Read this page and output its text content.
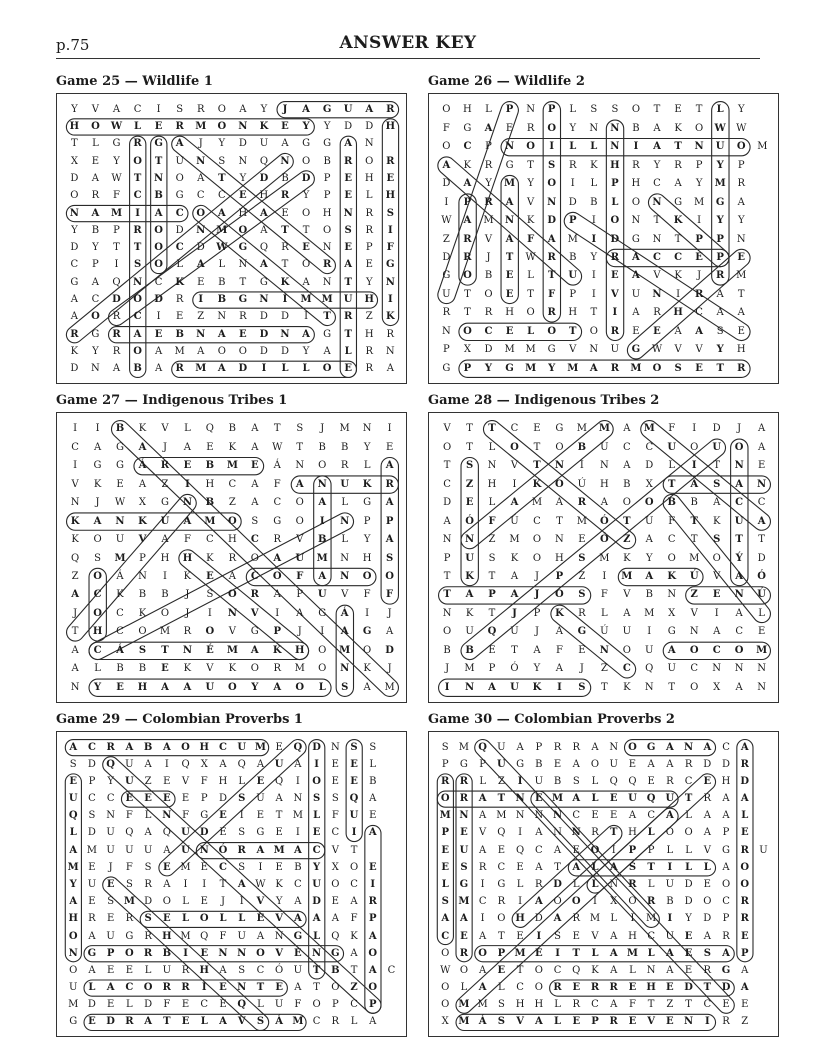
p.75	ANSWER KEY
Game 25 — Wildlife 1
Y	V	A	C	I	S	R	O	A	Y	J	A	G	U	A	R
H	O	W	L	E	R	M	O	N	K	E	Y	Y	D	D	H
T	L	G	R	G	A	J	Y	D	U	A	G	G	A	N
X	E	Y	O	T	U	N	S	N	Q	N	O	B	R	O	R
D	A	W	T	N	O	A	T	Y	D	B	D	P	E	H	E
O	R	F	C	B	G	C	C	E	H	R	Y	P	E	L	H
N	A	M	I	A	C	O	A	H	A	E	O	H	N	R	S
Y	B	P	R	O	D	N	M	O	A	T	T	O	S	R	I
D	Y	T	T	O	C	D	W	G	Q	R	E	N	E	P	F
C	P	I	S	O	L	A	L	N	A	T	O	R	A	E	G
G	A	Q	N	C	K	E	B	T	G	K	A	N	T	Y	N
A	C	D	O	D	R	I	B	G	N	I	M M	U	H	I
A	O	R	C	I	E	Z	N	R	D	D	I	T	R	Z	K
R	G	R	A	E	B	N	A	E	D	N	A	G	T	H	R
K	Y	R	O	A	M	A	O	O	D	D	Y	A	L	R	N
D	N	A	B	A	R	M	A	D	I	L	L	O	E	R	A
Game 26 — Wildlife 2
O	H	L	P	N	P	L	S	S	O	T	E	T	L	Y
F	G	A	E	R	O	Y	N	N	B	A	K	O	W	W
O	C	P	N	O	I	L	L	N	I	A	T	N	U	O	M
A	K	R	G	T	S	R	K	H	R	Y	R	P	Y	P
D	A	Y	M	Y	O	I	L	P	H	C	A	Y	M	R
I	P	R	A	V	N	D	B	L	O	N	G	M	G	A
W	A	M	N	K	D	P	I	O	N	T	K	I	Y	Y
Z	R	V	A	F	A	M	I	D	G	N	T	P	P	N
D	R	J	T	W	R	B	Y	R	A	C	C	E	P	E
G	O	B	E	L	T	U	I	E	A	V	K	J	R	M
U	T	O	E	T	F	P	I	V	U	N	I	R	A	T
R	T	R	H	O	R	H	T	I	A	R	H	C	A	A
N	O	C	E	L	O	T	O	R	E	E	A	A	S	E
P	X	D	M	M	G	V	N	U	G	W	V	V	Y	H
G	P	Y	G	M	Y	M	A	R	M	O	S	E	T	R
Game 27 — Indigenous Tribes 1
I	I	B	K	V	L	Q	B	A	T	S	J	M	N	I
C	A	G	A	J	A	E	K	A	W	T	B	B	Y	E
I	G	G	Á	R	E	B	M	E	Á	N	O	R	L	A
V	K	E	A	Z	I	H	C	A	F	A	N	U	K	R
N	J	W	X	G	N	B	Z	A	C	O	A	L	G	A
K	A	N	K	U	A	M	O	S	G	O	I	N	P	P
K	O	U	V	A	F	C	H	C	R	V	B	L	Y	A
Q	S	M	P	H	H	K	R	O	A	U	M	N	H	S
Z	O	Á	N	I	K	E	A	C	O	F	A	N	O	O
A	C	K	B	B	J	S	O	R	A	P	U	V	F	F
J	O	C	K	O	J	I	N	V	I	A	G	Á	I	J
T	H	C	O	M	R	O	V	G	P	J	I	A	G	A
A	C	Á	S	T	N	É	M	A	K	H	O	M	O	D
A	L	B	B	E	K	V	K	O	R	M	O	N	K	J
N	Y	E	H	A	A	U	O	Y	A	O	L	S	A	M
Game 28 — Indigenous Tribes 2
V	T	T	C	E	G	M	M	A	M	F	I	D	J	A
O	T	L	O	T	O	B	U	C	C	U	O	U	O	A
T	S	N	V	T	N	I	N	A	D	L	I	T	N	E
C	Z	H	I	K	O	Ú	H	B	X	T	A	S	A	N
D	E	L	A	M	A	R	A	O	O	B	B	A	C	C
A	Ó	F	Ú	C	T	M	Ó	T	U	F	T	K	U	A
N	N	Z	M	O	N	E	Ó	Z	A	C	T	S	T	T
P	U	S	K	O	H	S	M	K	Y	O	M	O	Ý	D
T	K	T	A	J	P	Z	I	M	A	K	Ú	V	A	Ó
T	A	P	A	J	Ó	S	F	V	B	N	Z	E	N	Ú
N	K	T	J	P	K	R	L	A	M	X	V	I	A	L
O	U	Q	U	J	A	G	Ú	U	I	G	N	A	C	E
B	B	E	T	A	F	E	N	O	U	A	O	C	O	M
J	M	P	Ó	Y	A	J	Z	C	Q	U	C	N	N	N
I	N	A	U	K	I	S	T	K	N	T	O	X	A	N
Game 29 — Colombian Proverbs 1
A	C	R	A	B	A	O H C	U M E	Q D N	S	S
S	D	Q U	A	I	Q	X	A	Q	A	U	A	I	E	E	L
E	P	Y	U	Z	E	V	F	H	L	E	Q	I	O	E	E	B
U	C	C	E	E	E	E	P	D	S	U	A	N	S	S	Q	A
Q	S	N	F	L	N	F	G	E	I	E	T M L	F	U	E
L	D	U	Q	A	Q U D	E	S	G	E	I	E	C	I	A
A M U U U	A	U N Ó R	A M A	C	V	T
M E	J	F	S	E M E	C	S	I	E	B	Y	X	O	E
Y	U	E	S	R	A	I	I	T	A W K	C	U O	C	I
A	E	S M D	O	L	E	J	I	V	Y	A	D	E	A	R
H R	E	R	S	E	L	O	L	L	E	V	A	A	A	F	P
O	A	U	G	R H M Q	F	U	A	N G	L	Q	K	A
N G	P	O R	B	I	E	N N O	V	E	N G	A	O
O	A	E	E	L	U	R H	A	S	C	Ó	U	T	B	T	A	C
U	L	A	C	O R	R	I	E	N	T	E	A	T	O	Z	O
M D	E	L	D	F	E	C	E	Q	L	U	F	O	P	C	P
G	E	D R	A	T	E	L	A	V	S	Á M C	R	L	A
Game 30 — Colombian Proverbs 2
S M Q U	A	P	R	R	A	N O G	A N A	C	A
P	G	P	U	G	B	E	A	O	U	E	A	A	R	D	D	R
R	R	L	Z	I	U	B	S	L	Q	Q	E	R	C	E	H D
O R	A	T	N	E M A	L	E	U Q U	T	R	A	A
M N	A M N N N	C	E	E	A	C	A	L	A	A	L
P	E	V	Q	I	A	N N	R	T	H	L	O	O	A	P	E
E	U	A	E	Q	C	A	E	O	I	P	P	L	L	V	G	R	U
E	S	R	C	E	A	T	A	L	A	S	T	I	L	L	A	O
L	G	I	G	L	R	D	L	L	N R	L	U	D	E	O O
S M C	R	I	A	O O	I	X	O	R	B	D	O	C	R
A	A	I	O H D	A	R M L	I	M	I	Y	D	P	R
C	E	A	T	E	I	S	E	V	A	H	C	U	E	A	R	E
O	R O	P M E	I	T	L	A M L	A	E	S	A	P
W O	A	E	T	O	C	Q	K	A	L	N	A	E	R	G	A
O	L	A	L	C	O	R	E	R	R	E H E	D	T	D	A
O M M S	H H	L	R	C	A	F	T	Z	T	C	E	E
X M Á	S	V	A	L	E	P	R	E	V	E	N	I	R	Z
